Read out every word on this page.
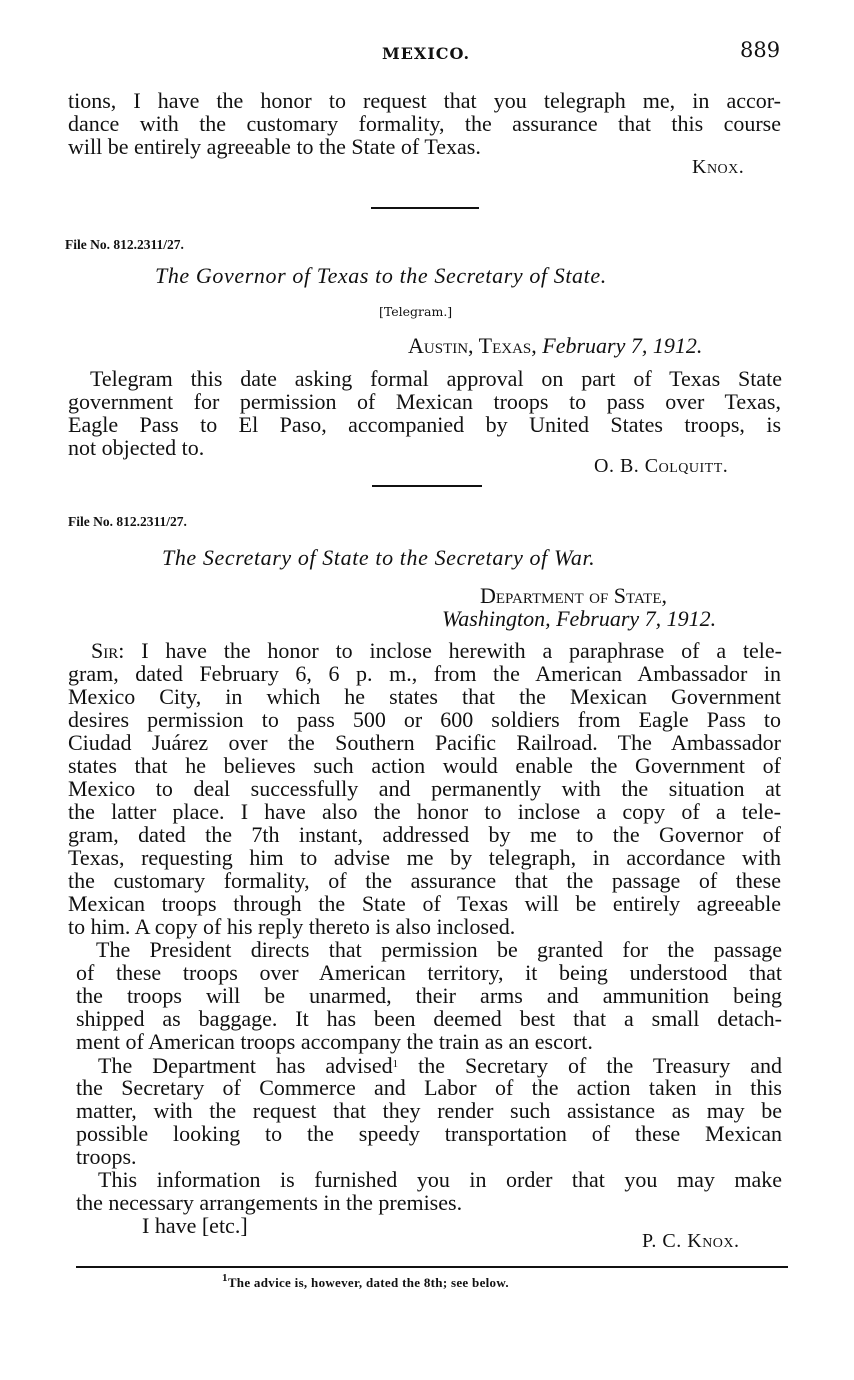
MEXICO.	889
tions, I have the honor to request that you telegraph me, in accor-
dance with the customary formality, the assurance that this course
will be entirely agreeable to the State of Texas.
Knox.
File No. 812.2311/27.
The Governor of Texas to the Secretary of State.
[Telegram.]
Austin, Texas, February 7, 1912.
Telegram this date asking formal approval on part of Texas State
government for permission of Mexican troops to pass over Texas,
Eagle Pass to El Paso, accompanied by United States troops, is
not objected to.
O. B. Colquitt.
File No. 812.2311/27.
The Secretary of State to the Secretary of War.
Department of State,
Washington, February 7, 1912.
Sir: I have the honor to inclose herewith a paraphrase of a tele-
gram, dated February 6, 6 p. m., from the American Ambassador in
Mexico City, in which he states that the Mexican Government
desires permission to pass 500 or 600 soldiers from Eagle Pass to
Ciudad Juárez over the Southern Pacific Railroad. The Ambassador
states that he believes such action would enable the Government of
Mexico to deal successfully and permanently with the situation at
the latter place. I have also the honor to inclose a copy of a tele-
gram, dated the 7th instant, addressed by me to the Governor of
Texas, requesting him to advise me by telegraph, in accordance with
the customary formality, of the assurance that the passage of these
Mexican troops through the State of Texas will be entirely agreeable
to him. A copy of his reply thereto is also inclosed.
The President directs that permission be granted for the passage
of these troops over American territory, it being understood that
the troops will be unarmed, their arms and ammunition being
shipped as baggage. It has been deemed best that a small detach-
ment of American troops accompany the train as an escort.
The Department has advised$^1$ the Secretary of the Treasury and
the Secretary of Commerce and Labor of the action taken in this
matter, with the request that they render such assistance as may be
possible looking to the speedy transportation of these Mexican
troops.
This information is furnished you in order that you may make
the necessary arrangements in the premises.
I have [etc.]
P. C. Knox.
$^1$The advice is, however, dated the 8th; see below.
